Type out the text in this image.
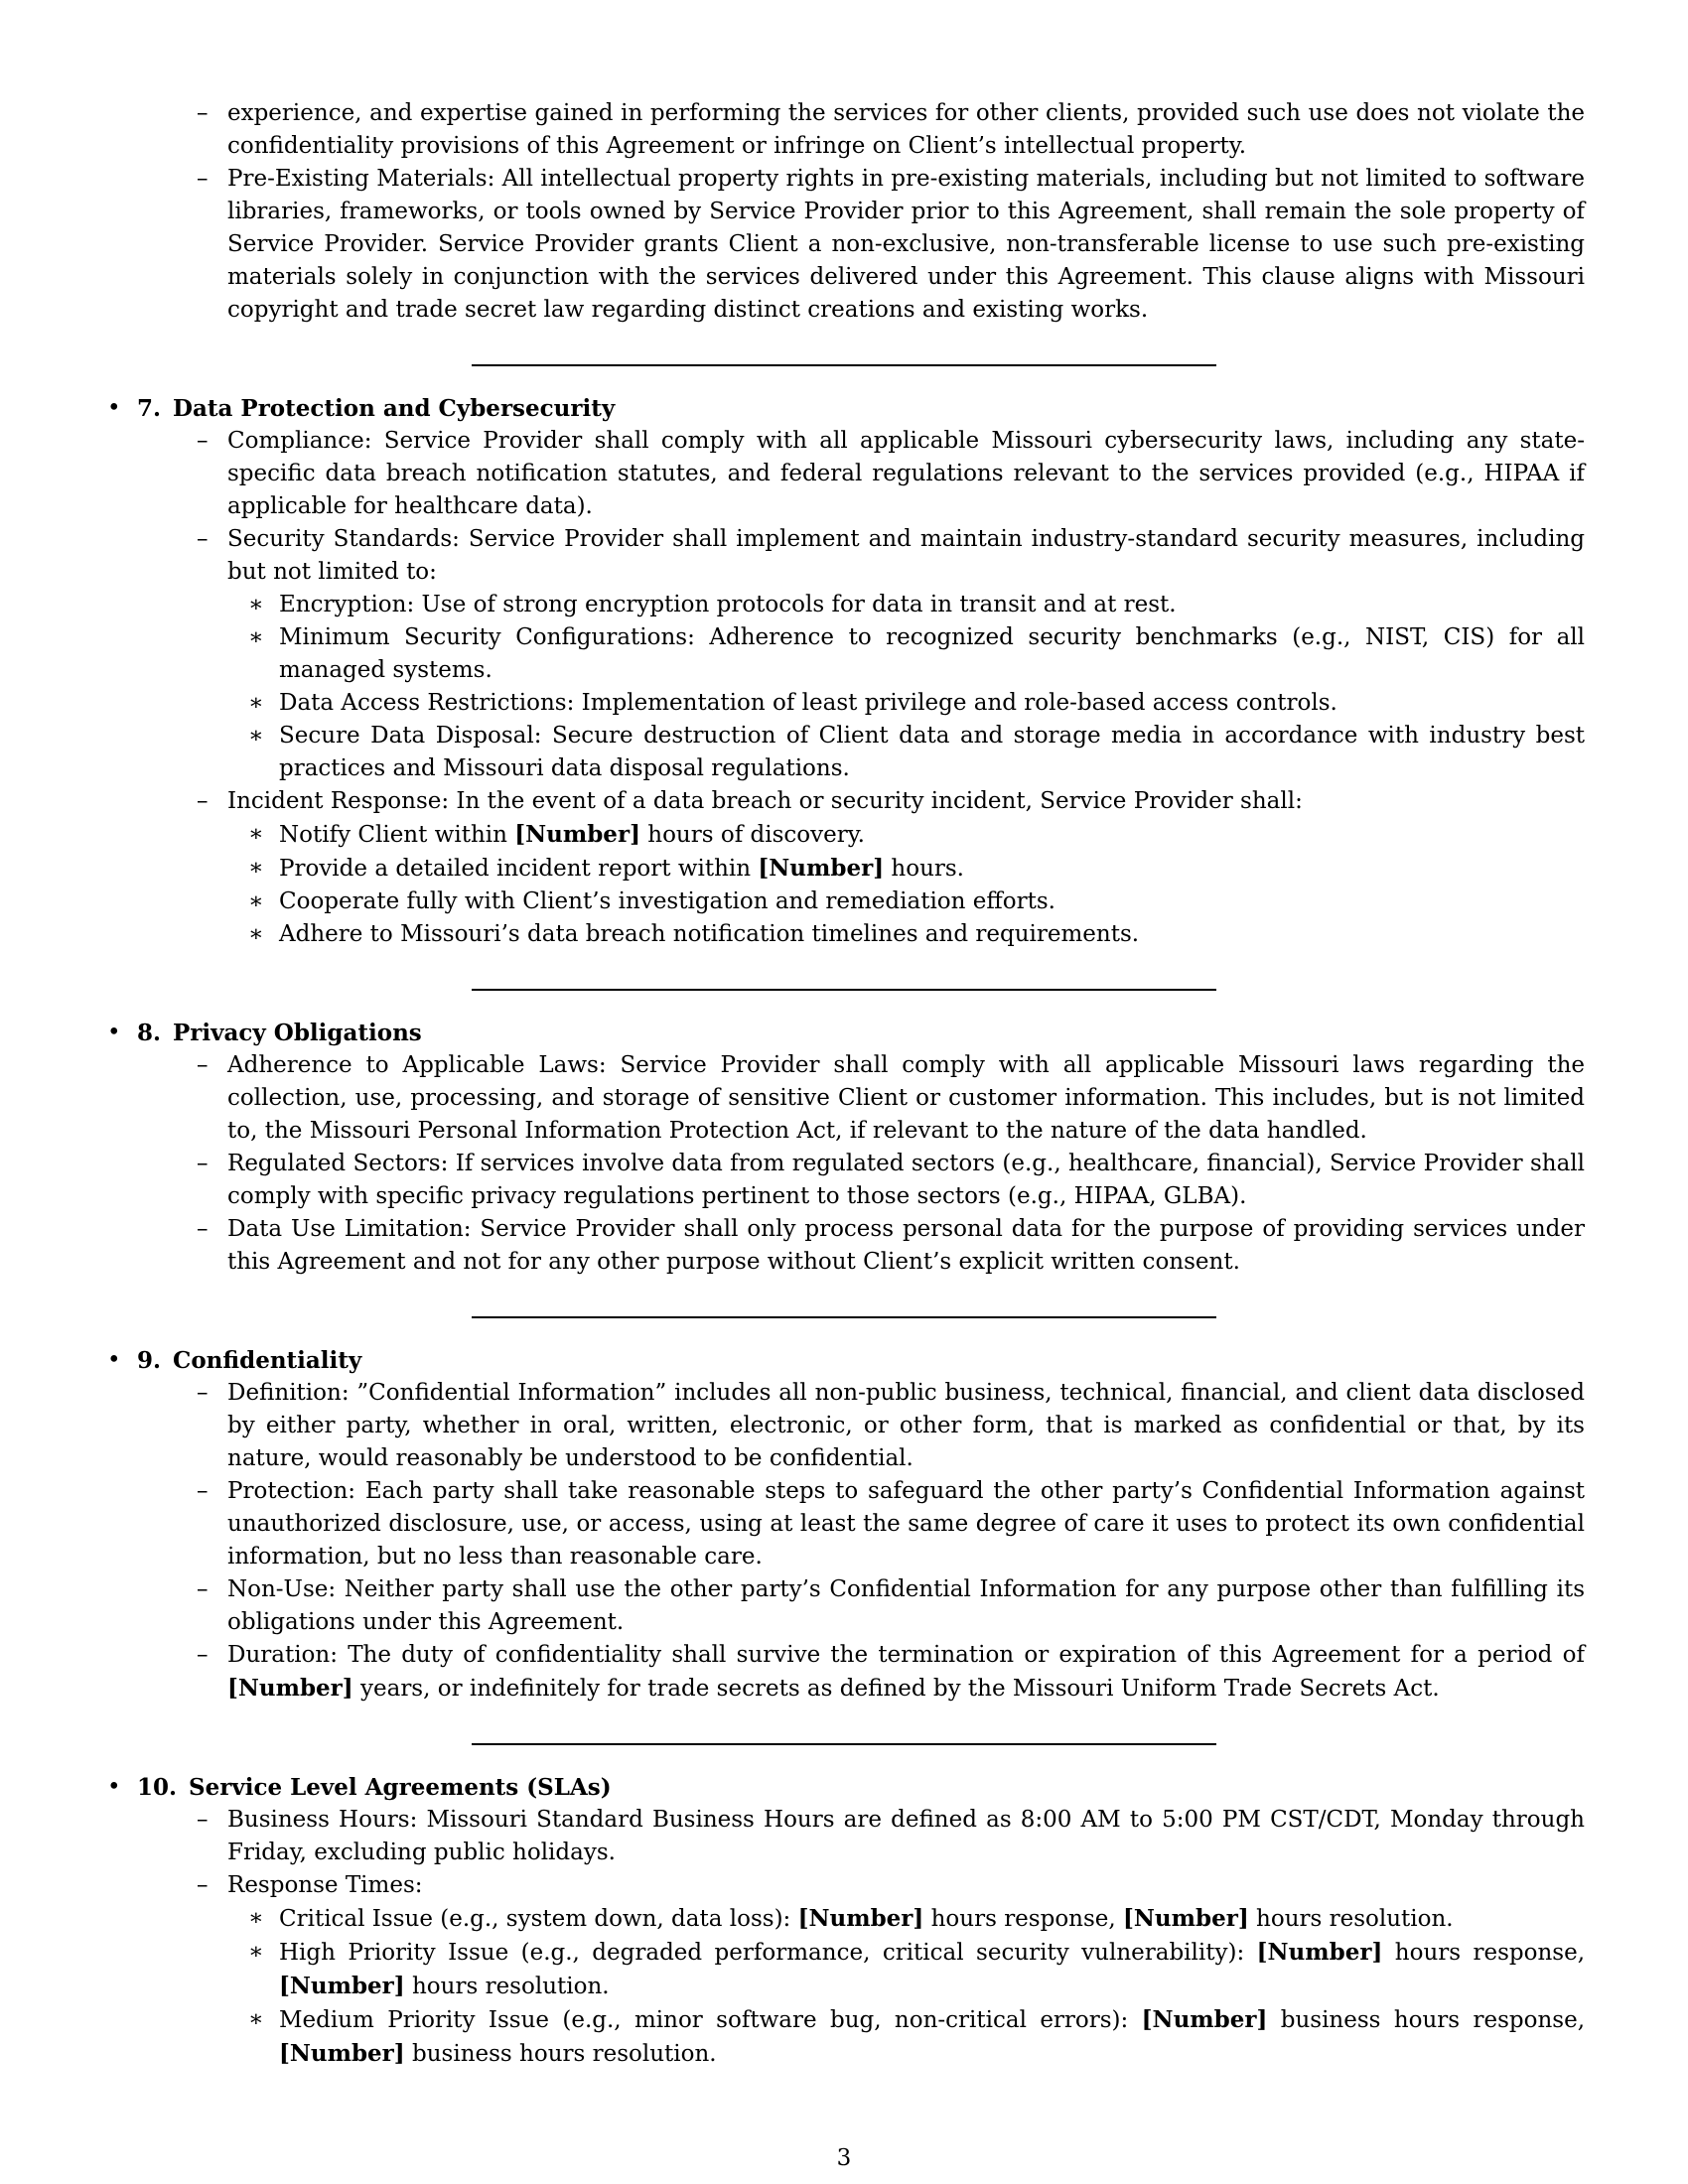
– experience, and expertise gained in performing the services for other clients, provided such use does not violate the confidentiality provisions of this Agreement or infringe on Client’s intellectual property.
– Pre-Existing Materials: All intellectual property rights in pre-existing materials, including but not limited to software libraries, frameworks, or tools owned by Service Provider prior to this Agreement, shall remain the sole property of Service Provider. Service Provider grants Client a non-exclusive, non-transferable license to use such pre-existing materials solely in conjunction with the services delivered under this Agreement. This clause aligns with Missouri copyright and trade secret law regarding distinct creations and existing works.
• 7. Data Protection and Cybersecurity
– Compliance: Service Provider shall comply with all applicable Missouri cybersecurity laws, including any state-specific data breach notification statutes, and federal regulations relevant to the services provided (e.g., HIPAA if applicable for healthcare data).
– Security Standards: Service Provider shall implement and maintain industry-standard security measures, including but not limited to:
∗ Encryption: Use of strong encryption protocols for data in transit and at rest.
∗ Minimum Security Configurations: Adherence to recognized security benchmarks (e.g., NIST, CIS) for all managed systems.
∗ Data Access Restrictions: Implementation of least privilege and role-based access controls.
∗ Secure Data Disposal: Secure destruction of Client data and storage media in accordance with industry best practices and Missouri data disposal regulations.
– Incident Response: In the event of a data breach or security incident, Service Provider shall:
∗ Notify Client within [Number] hours of discovery.
∗ Provide a detailed incident report within [Number] hours.
∗ Cooperate fully with Client’s investigation and remediation efforts.
∗ Adhere to Missouri’s data breach notification timelines and requirements.
• 8. Privacy Obligations
– Adherence to Applicable Laws: Service Provider shall comply with all applicable Missouri laws regarding the collection, use, processing, and storage of sensitive Client or customer information. This includes, but is not limited to, the Missouri Personal Information Protection Act, if relevant to the nature of the data handled.
– Regulated Sectors: If services involve data from regulated sectors (e.g., healthcare, financial), Service Provider shall comply with specific privacy regulations pertinent to those sectors (e.g., HIPAA, GLBA).
– Data Use Limitation: Service Provider shall only process personal data for the purpose of providing services under this Agreement and not for any other purpose without Client’s explicit written consent.
• 9. Confidentiality
– Definition: ”Confidential Information” includes all non-public business, technical, financial, and client data disclosed by either party, whether in oral, written, electronic, or other form, that is marked as confidential or that, by its nature, would reasonably be understood to be confidential.
– Protection: Each party shall take reasonable steps to safeguard the other party’s Confidential Information against unauthorized disclosure, use, or access, using at least the same degree of care it uses to protect its own confidential information, but no less than reasonable care.
– Non-Use: Neither party shall use the other party’s Confidential Information for any purpose other than fulfilling its obligations under this Agreement.
– Duration: The duty of confidentiality shall survive the termination or expiration of this Agreement for a period of [Number] years, or indefinitely for trade secrets as defined by the Missouri Uniform Trade Secrets Act.
• 10. Service Level Agreements (SLAs)
– Business Hours: Missouri Standard Business Hours are defined as 8:00 AM to 5:00 PM CST/CDT, Monday through Friday, excluding public holidays.
– Response Times:
∗ Critical Issue (e.g., system down, data loss): [Number] hours response, [Number] hours resolution.
∗ High Priority Issue (e.g., degraded performance, critical security vulnerability): [Number] hours response, [Number] hours resolution.
∗ Medium Priority Issue (e.g., minor software bug, non-critical errors): [Number] business hours response, [Number] business hours resolution.
3
